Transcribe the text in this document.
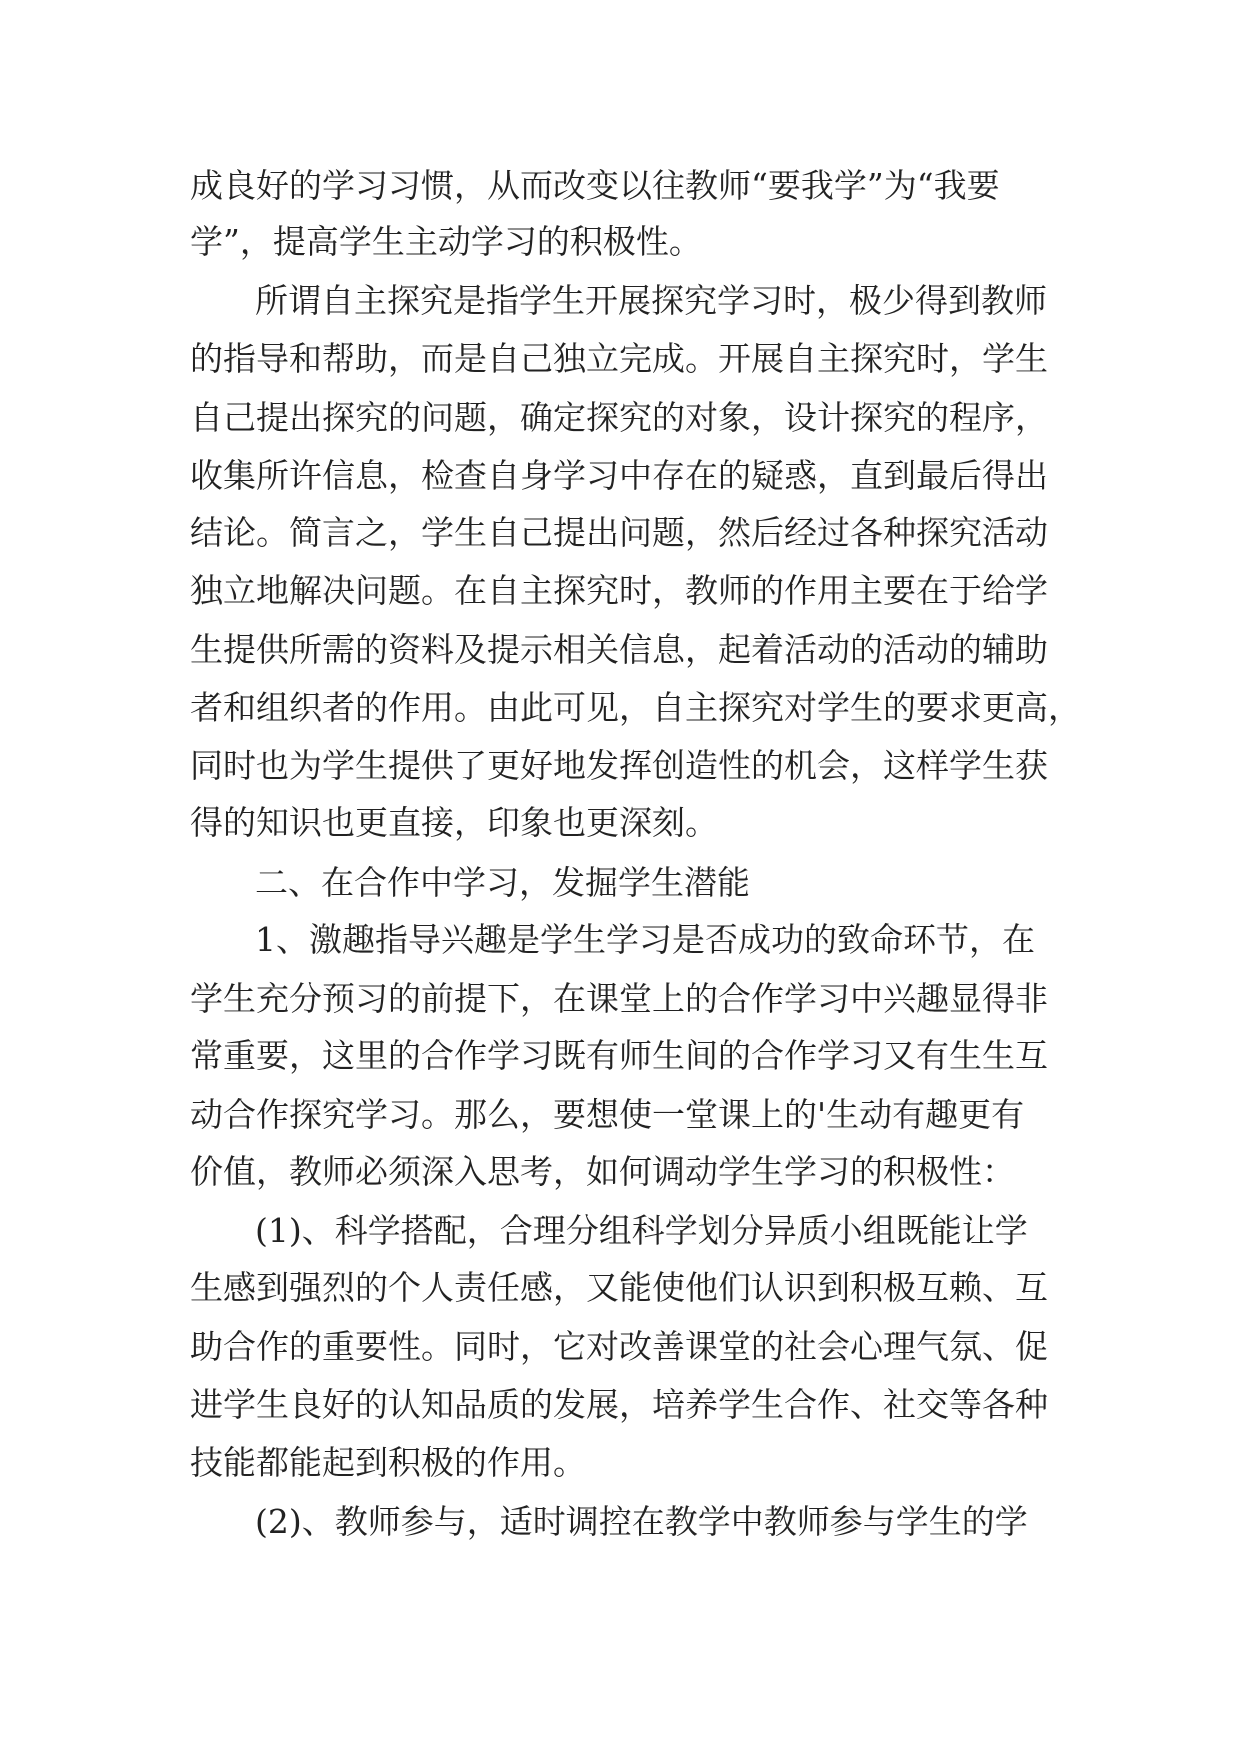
成良好的学习习惯，从而改变以往教师“要我学”为“我要

学”，提高学生主动学习的积极性。

所谓自主探究是指学生开展探究学习时，极少得到教师

的指导和帮助，而是自己独立完成。开展自主探究时，学生

自己提出探究的问题，确定探究的对象，设计探究的程序，

收集所许信息，检查自身学习中存在的疑惑，直到最后得出

结论。简言之，学生自己提出问题，然后经过各种探究活动

独立地解决问题。在自主探究时，教师的作用主要在于给学

生提供所需的资料及提示相关信息，起着活动的活动的辅助

者和组织者的作用。由此可见，自主探究对学生的要求更高，

同时也为学生提供了更好地发挥创造性的机会，这样学生获

得的知识也更直接，印象也更深刻。

二、在合作中学习，发掘学生潜能

1、激趣指导兴趣是学生学习是否成功的致命环节，在

学生充分预习的前提下，在课堂上的合作学习中兴趣显得非

常重要，这里的合作学习既有师生间的合作学习又有生生互

动合作探究学习。那么，要想使一堂课上的'生动有趣更有

价值，教师必须深入思考，如何调动学生学习的积极性：

(1)、科学搭配，合理分组科学划分异质小组既能让学

生感到强烈的个人责任感，又能使他们认识到积极互赖、互

助合作的重要性。同时，它对改善课堂的社会心理气氛、促

进学生良好的认知品质的发展，培养学生合作、社交等各种

技能都能起到积极的作用。

(2)、教师参与，适时调控在教学中教师参与学生的学
